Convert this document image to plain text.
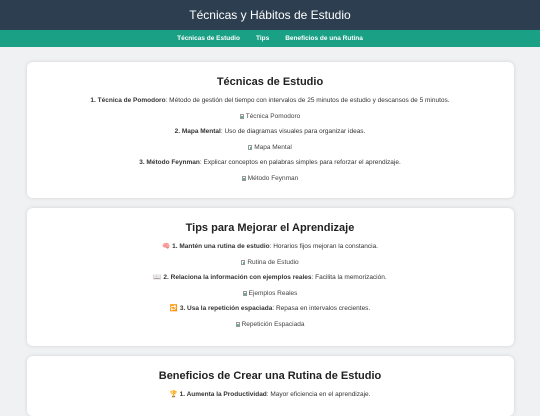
Técnicas y Hábitos de Estudio
Técnicas de Estudio Tips Beneficios de una Rutina
Técnicas de Estudio

1. Técnica de Pomodoro: Método de gestión del tiempo con intervalos de 25 minutos de estudio y descansos de 5 minutos.

Técnica Pomodoro

2. Mapa Mental: Uso de diagramas visuales para organizar ideas.

Mapa Mental

3. Método Feynman: Explicar conceptos en palabras simples para reforzar el aprendizaje.

Método Feynman
Tips para Mejorar el Aprendizaje

🧠 1. Mantén una rutina de estudio: Horarios fijos mejoran la constancia.

Rutina de Estudio

📖 2. Relaciona la información con ejemplos reales: Facilita la memorización.

Ejemplos Reales

🔁 3. Usa la repetición espaciada: Repasa en intervalos crecientes.

Repetición Espaciada
Beneficios de Crear una Rutina de Estudio

🏆 1. Aumenta la Productividad: Mayor eficiencia en el aprendizaje.
